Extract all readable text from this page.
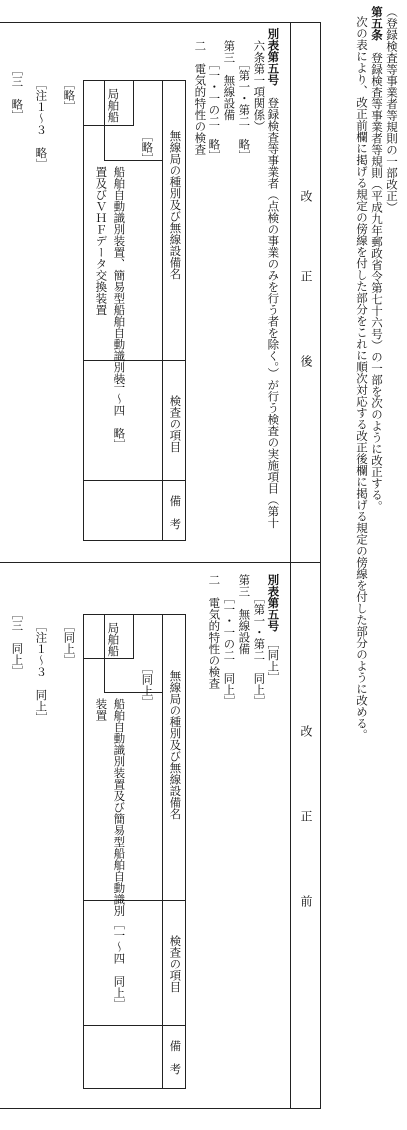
（登録検査等事業者等規則の一部改正）
第五条　登録検査等事業者等規則（平成九年郵政省令第七十六号）の一部を次のように改正する。
次の表により、改正前欄に掲げる規定の傍線を付した部分をこれに順次対応する改正後欄に掲げる規定の傍線を付した部分のように改める。
改
正
後
改
正
前
別表第五号　登録検査等事業者（点検の事業のみを行う者を除く。）が行う検査の実施項目（第十
六条第一項関係）
［第一・第二　略］
第三　無線設備
［一・一の二　略］
二　電気的特性の検査
無線局の種別及び無線設備名
検査の項目
備　考
［略］	局舶船
［略］
船舶自動識別装置、簡易型船舶自動識別装
置及びＶＨＦデータ交換装置
［一〜四　略］
［注１〜３　略］
［三　略］
別表第五号　［同上］
［第一・第二　同上］
第三　無線設備
［一・一の二　同上］
二　電気的特性の検査
無線局の種別及び無線設備名
検査の項目
備　考
［同上］	局舶船
［同上］
船舶自動識別装置及び簡易型船舶自動識別
装置
［一〜四　同上］
［注１〜３　同上］
［三　同上］
